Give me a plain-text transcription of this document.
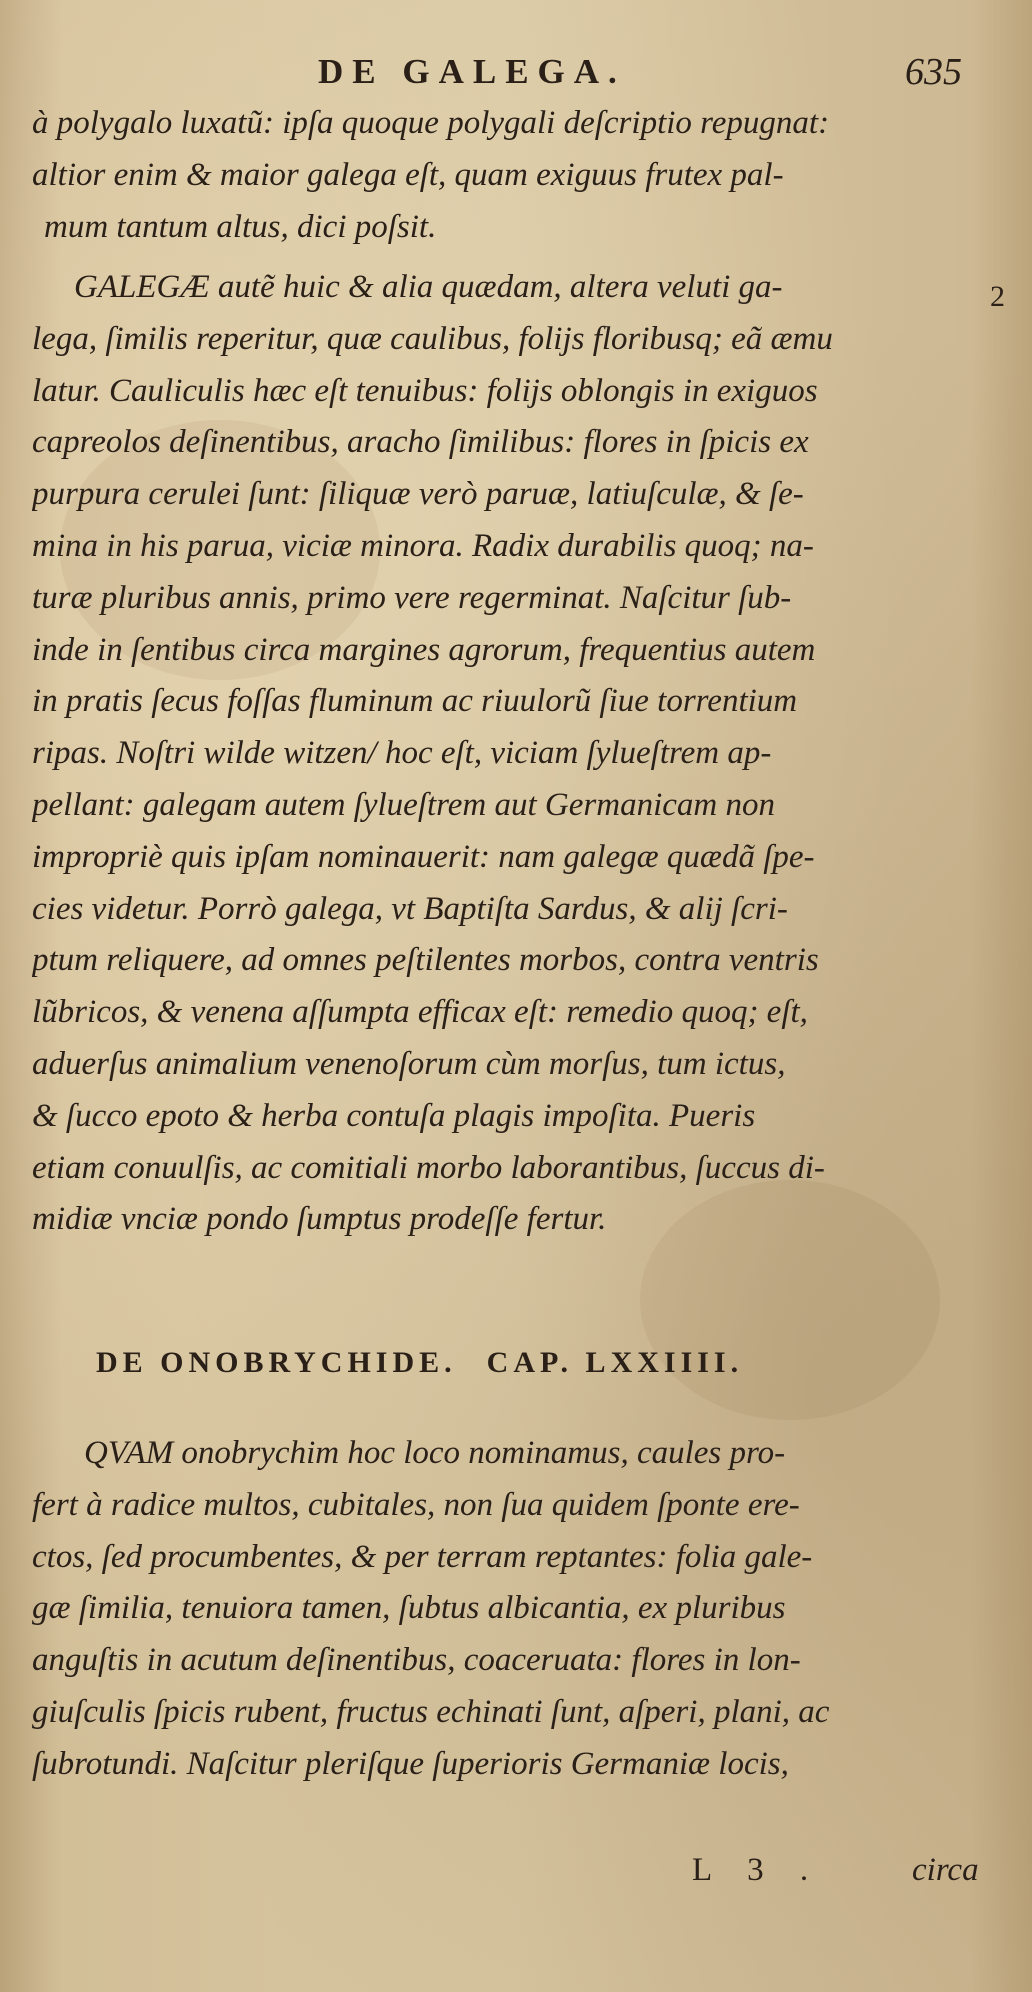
DE GALEGA.	635
à polygalo luxatũ: ipſa quoque polygali deſcriptio repugnat:
altior enim & maior galega eſt, quam exiguus frutex pal-
mum tantum altus, dici poſsit.
2
GALEGÆ autẽ huic & alia quædam, altera veluti ga-
lega, ſimilis reperitur, quæ caulibus, folijs floribusq; eã æmu
latur. Cauliculis hæc eſt tenuibus: folijs oblongis in exiguos
capreolos deſinentibus, aracho ſimilibus: flores in ſpicis ex
purpura cerulei ſunt: ſiliquæ verò paruæ, latiuſculæ, & ſe-
mina in his parua, viciæ minora. Radix durabilis quoq; na-
turæ pluribus annis, primo vere regerminat. Naſcitur ſub-
inde in ſentibus circa margines agrorum, frequentius autem
in pratis ſecus foſſas fluminum ac riuulorũ ſiue torrentium
ripas. Noſtri wilde witzen/ hoc eſt, viciam ſylueſtrem ap-
pellant: galegam autem ſylueſtrem aut Germanicam non
impropriè quis ipſam nominauerit: nam galegæ quædã ſpe-
cies videtur. Porrò galega, vt Baptiſta Sardus, & alij ſcri-
ptum reliquere, ad omnes peſtilentes morbos, contra ventris
lũbricos, & venena aſſumpta efficax eſt: remedio quoq; eſt,
aduerſus animalium venenoſorum cùm morſus, tum ictus,
& ſucco epoto & herba contuſa plagis impoſita. Pueris
etiam conuulſis, ac comitiali morbo laborantibus, ſuccus di-
midiæ vnciæ pondo ſumptus prodeſſe fertur.
DE ONOBRYCHIDE. CAP. LXXIIII.
QVAM onobrychim hoc loco nominamus, caules pro-
fert à radice multos, cubitales, non ſua quidem ſponte ere-
ctos, ſed procumbentes, & per terram reptantes: folia gale-
gæ ſimilia, tenuiora tamen, ſubtus albicantia, ex pluribus
anguſtis in acutum deſinentibus, coaceruata: flores in lon-
giuſculis ſpicis rubent, fructus echinati ſunt, aſperi, plani, ac
ſubrotundi. Naſcitur pleriſque ſuperioris Germaniæ locis,
L 3 .	circa
